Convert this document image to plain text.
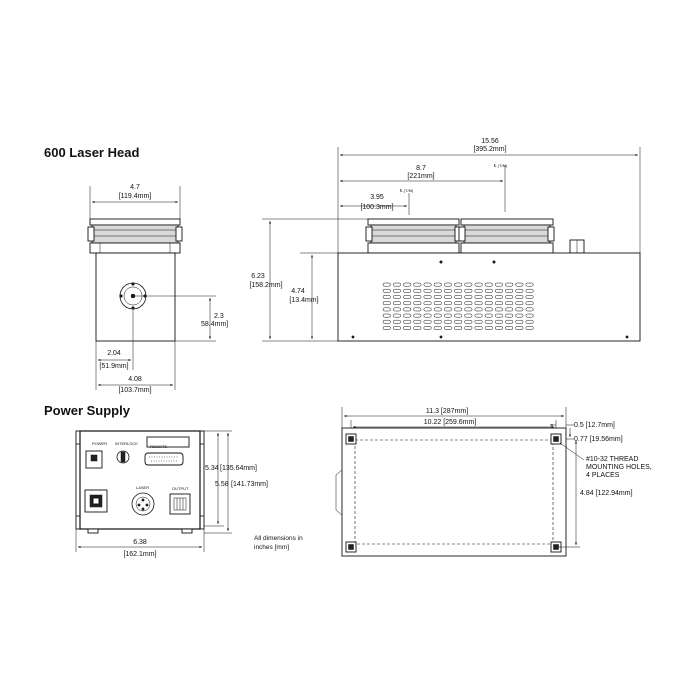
600 Laser Head
Power Supply
4.7
[119.4mm]
2.3
58.4mm]
2.04
[51.9mm]
4.08
[103.7mm]
15.56
[395.2mm]
8.7
[221mm]
℄ (T/M)
3.95
[100.3mm]
℄ (T/M)
6.23
[158.2mm]
4.74
[13.4mm]
POWER INTERLOCK
REMOTE
LASER	OUTPUT
5.34 [135.64mm]
5.58 [141.73mm]
6.38
[162.1mm]
All dimensions in
inches [mm]
11.3 [287mm]
10.22 [259.6mm]	0.5 [12.7mm]
0.77 [19.56mm]
#10-32 THREAD
MOUNTING HOLES,
4 PLACES
4.84 [122.94mm]
